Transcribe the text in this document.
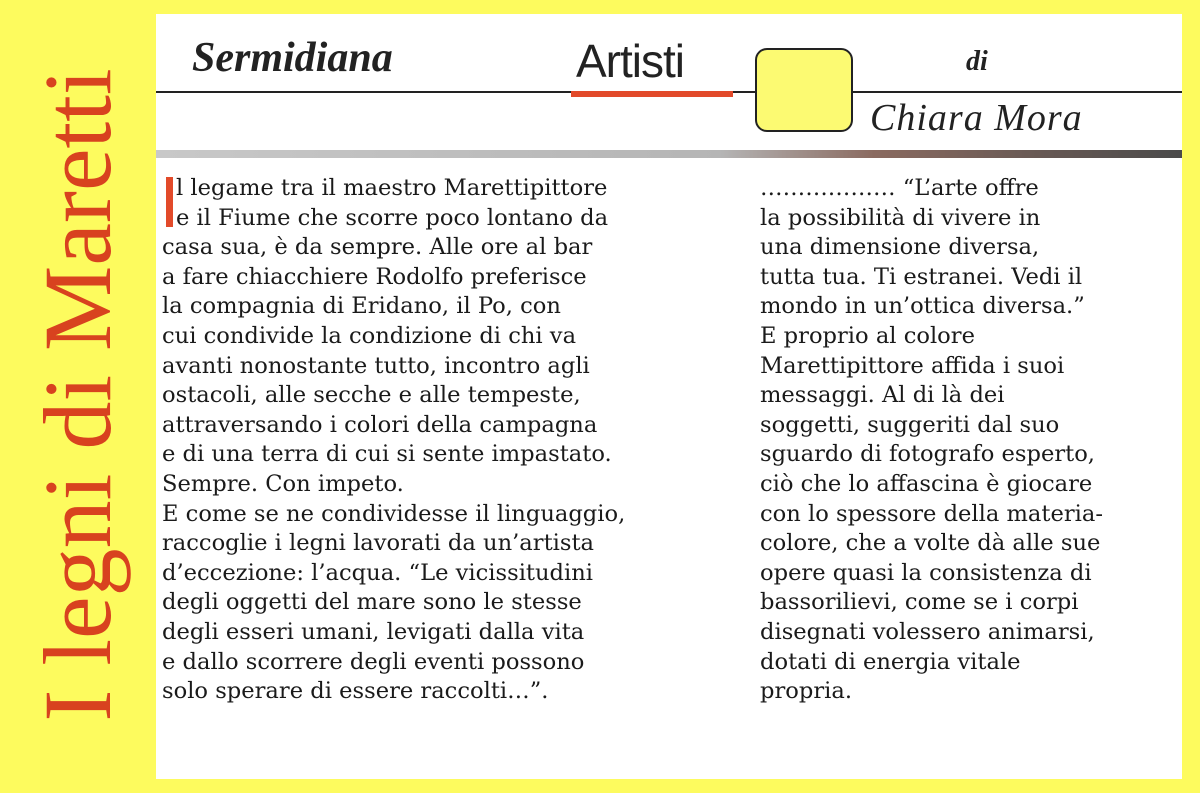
I legni di Maretti
Sermidiana	Artisti	di
Chiara Mora

l legame tra il maestro Marettipittore

e il Fiume che scorre poco lontano da

casa sua, è da sempre. Alle ore al bar

a fare chiacchiere Rodolfo preferisce

la compagnia di Eridano, il Po, con

cui condivide la condizione di chi va

avanti nonostante tutto, incontro agli

ostacoli, alle secche e alle tempeste,

attraversando i colori della campagna

e di una terra di cui si sente impastato.

Sempre. Con impeto.

E come se ne condividesse il linguaggio,

raccoglie i legni lavorati da un’artista

d’eccezione: l’acqua. “Le vicissitudini

degli oggetti del mare sono le stesse

degli esseri umani, levigati dalla vita

e dallo scorrere degli eventi possono

solo sperare di essere raccolti…”.

……………… “L’arte offre

la possibilità di vivere in

una dimensione diversa,

tutta tua. Ti estranei. Vedi il

mondo in un’ottica diversa.”

E proprio al colore

Marettipittore affida i suoi

messaggi. Al di là dei

soggetti, suggeriti dal suo

sguardo di fotografo esperto,

ciò che lo affascina è giocare

con lo spessore della materia-

colore, che a volte dà alle sue

opere quasi la consistenza di

bassorilievi, come se i corpi

disegnati volessero animarsi,

dotati di energia vitale

propria.
